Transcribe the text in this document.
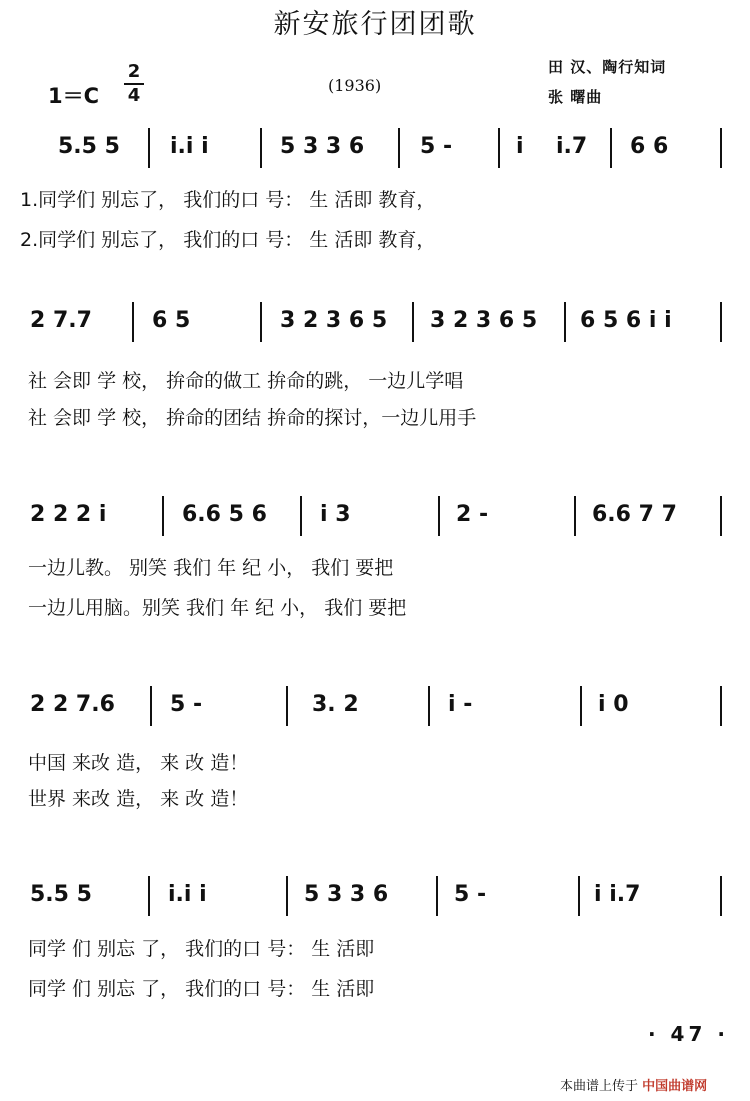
新安旅行团团歌
1＝C
2
4	(1936)
田 汉、陶行知词
张 曙曲
5.5 5 i.i i	5 3 3 6	5 -	i i.7 6 6
1.同学们 别忘了， 我们的口 号： 生 活即 教育，
2.同学们 别忘了， 我们的口 号： 生 活即 教育，
2 7.7	6 5	3 2 3 6 5 3 2 3 6 5 6 5 6 i i
社 会即 学 校， 拚命的做工 拚命的跳， 一边儿学唱
社 会即 学 校， 拚命的团结 拚命的探讨，一边儿用手
2 2 2 i	6.6 5 6 i 3	2 -	6.6 7 7
一边儿教。 别笑 我们 年 纪 小， 我们 要把
一边儿用脑。别笑 我们 年 纪 小， 我们 要把
2 2 7.6	5 -	3. 2	i -	i 0
中国 来改 造， 来 改 造！
世界 来改 造， 来 改 造！
5.5 5	i.i i	5 3 3 6	5 -	i i.7
同学 们 别忘 了， 我们的口 号： 生 活即
同学 们 别忘 了， 我们的口 号： 生 活即
· 47 ·
本曲谱上传于 中国曲谱网
